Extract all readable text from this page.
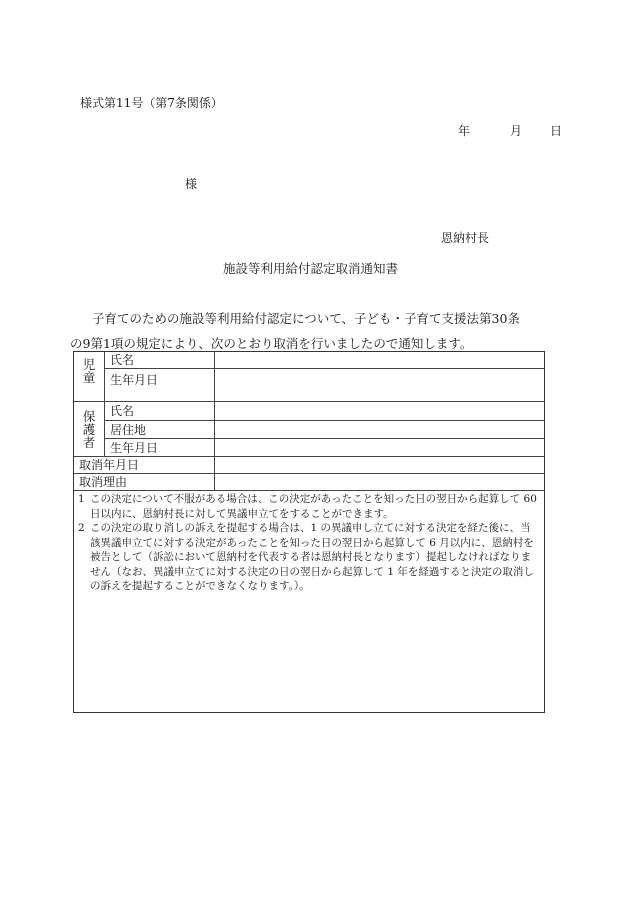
様式第11号（第7条関係）
年	月 日
様
恩納村長
施設等利用給付認定取消通知書
子育てのための施設等利用給付認定について、子ども・子育て支援法第30条
の9第1項の規定により、次のとおり取消を行いましたので通知します。
児
童
氏名
生年月日
保
護
者
氏名
居住地
生年月日
取消年月日
取消理由
1 この決定について不服がある場合は、この決定があったことを知った日の翌日から起算して 60 日以内に、恩納村長に対して異議申立てをすることができます。
2 この決定の取り消しの訴えを提起する場合は、1 の異議申し立てに対する決定を経た後に、当該異議申立てに対する決定があったことを知った日の翌日から起算して 6 月以内に、恩納村を被告として（訴訟において恩納村を代表する者は恩納村長となります）提起しなければなりません（なお、異議申立てに対する決定の日の翌日から起算して 1 年を経過すると決定の取消しの訴えを提起することができなくなります。）。
